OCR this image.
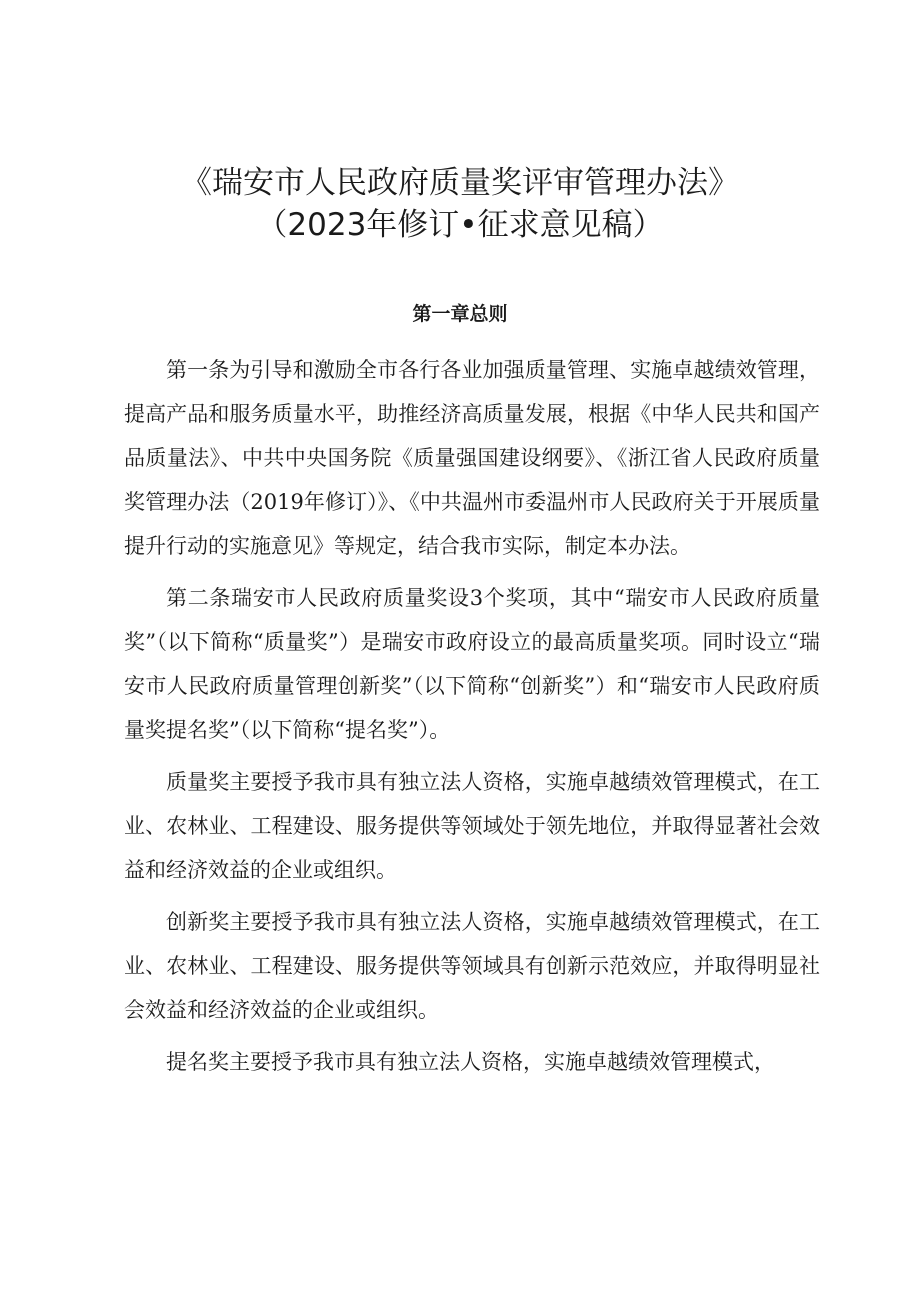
《瑞安市人民政府质量奖评审管理办法》
（2023年修订•征求意见稿）
第一章总则

第一条为引导和激励全市各行各业加强质量管理、实施卓越绩效管理，提高产品和服务质量水平，助推经济高质量发展，根据《中华人民共和国产品质量法》、中共中央国务院《质量强国建设纲要》、《浙江省人民政府质量奖管理办法（2019年修订）》、《中共温州市委温州市人民政府关于开展质量提升行动的实施意见》等规定，结合我市实际，制定本办法。

第二条瑞安市人民政府质量奖设3个奖项，其中“瑞安市人民政府质量奖”（以下简称“质量奖”）是瑞安市政府设立的最高质量奖项。同时设立“瑞安市人民政府质量管理创新奖”（以下简称“创新奖”）和“瑞安市人民政府质量奖提名奖”（以下简称“提名奖”）。

质量奖主要授予我市具有独立法人资格，实施卓越绩效管理模式，在工业、农林业、工程建设、服务提供等领域处于领先地位，并取得显著社会效益和经济效益的企业或组织。

创新奖主要授予我市具有独立法人资格，实施卓越绩效管理模式，在工业、农林业、工程建设、服务提供等领域具有创新示范效应，并取得明显社会效益和经济效益的企业或组织。

提名奖主要授予我市具有独立法人资格，实施卓越绩效管理模式，
